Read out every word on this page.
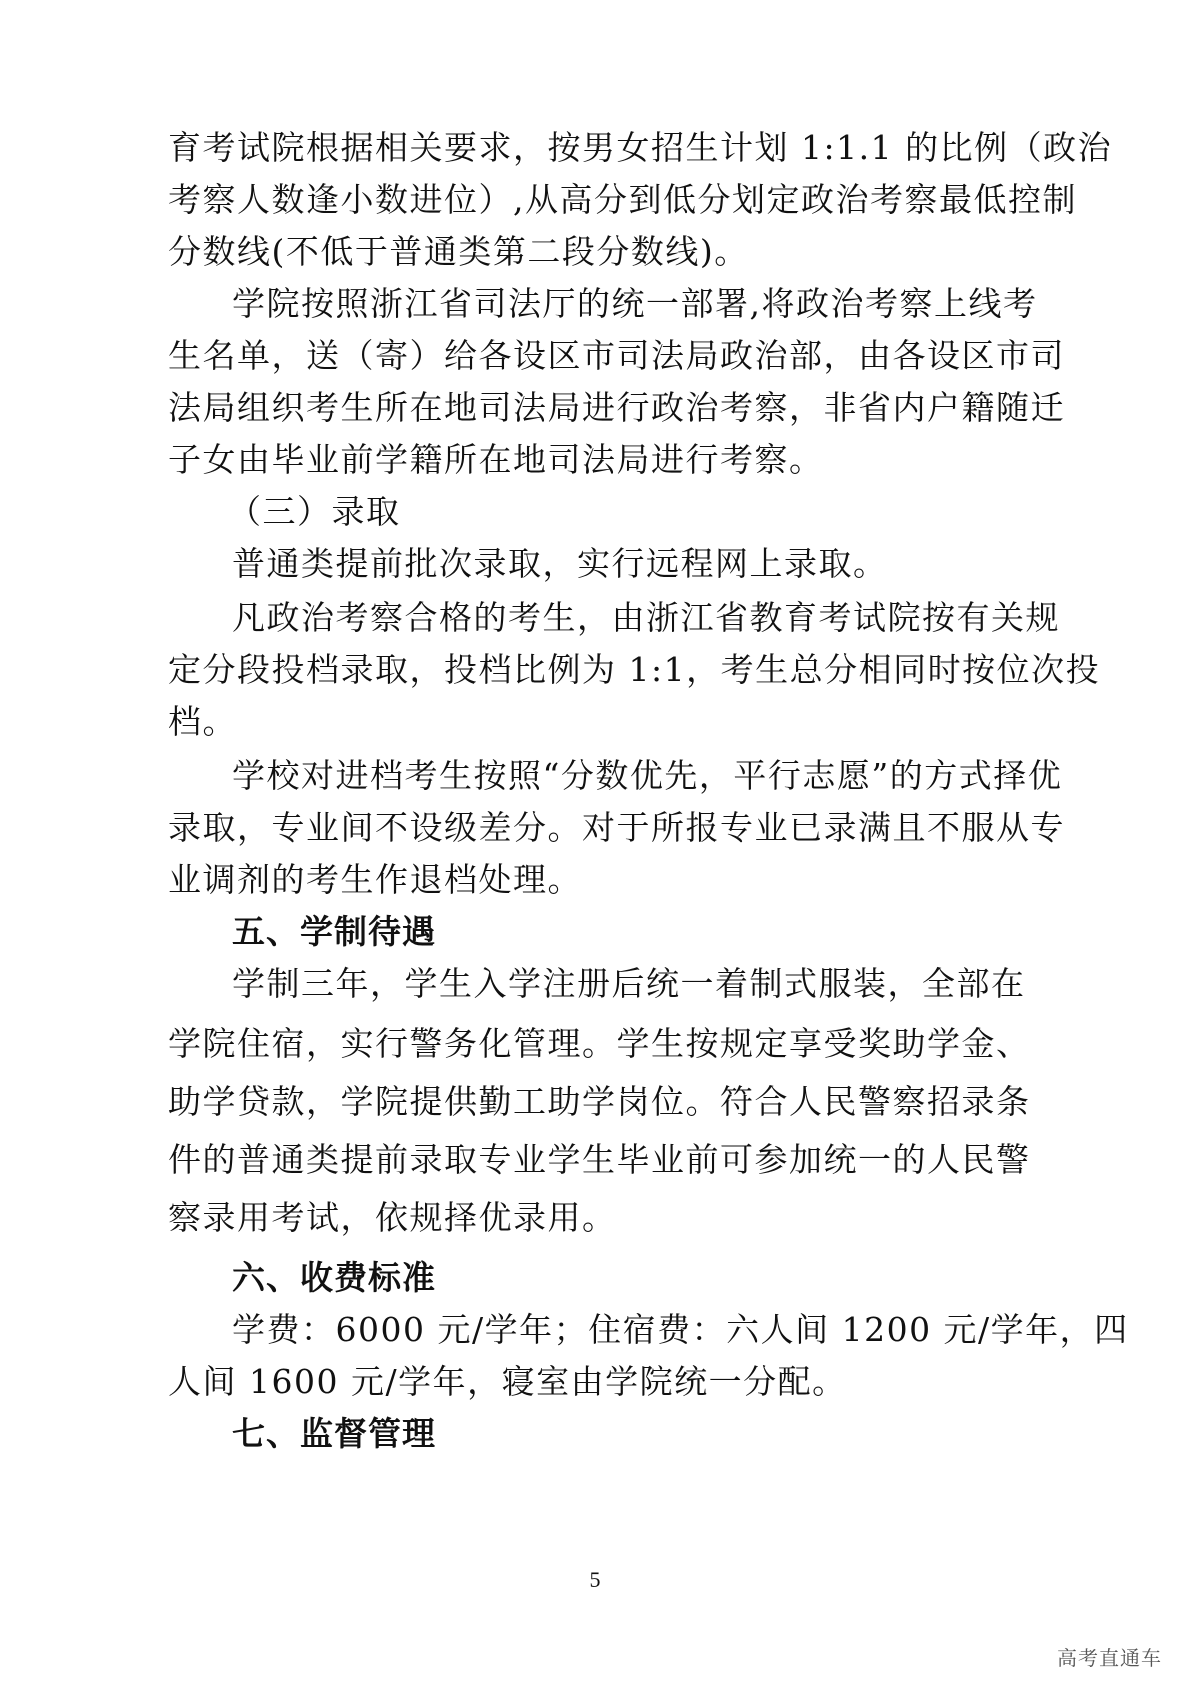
育考试院根据相关要求，按男女招生计划 1:1.1 的比例（政治
考察人数逢小数进位）,从高分到低分划定政治考察最低控制
分数线(不低于普通类第二段分数线)。
学院按照浙江省司法厅的统一部署,将政治考察上线考
生名单，送（寄）给各设区市司法局政治部，由各设区市司
法局组织考生所在地司法局进行政治考察，非省内户籍随迁
子女由毕业前学籍所在地司法局进行考察。
（三）录取
普通类提前批次录取，实行远程网上录取。
凡政治考察合格的考生，由浙江省教育考试院按有关规
定分段投档录取，投档比例为 1:1，考生总分相同时按位次投
档。
学校对进档考生按照“分数优先，平行志愿”的方式择优
录取，专业间不设级差分。对于所报专业已录满且不服从专
业调剂的考生作退档处理。
五、学制待遇
学制三年，学生入学注册后统一着制式服装，全部在
学院住宿，实行警务化管理。学生按规定享受奖助学金、
助学贷款，学院提供勤工助学岗位。符合人民警察招录条
件的普通类提前录取专业学生毕业前可参加统一的人民警
察录用考试，依规择优录用。
六、收费标准
学费：6000 元/学年；住宿费：六人间 1200 元/学年，四
人间 1600 元/学年，寝室由学院统一分配。
七、监督管理
5
高考直通车
